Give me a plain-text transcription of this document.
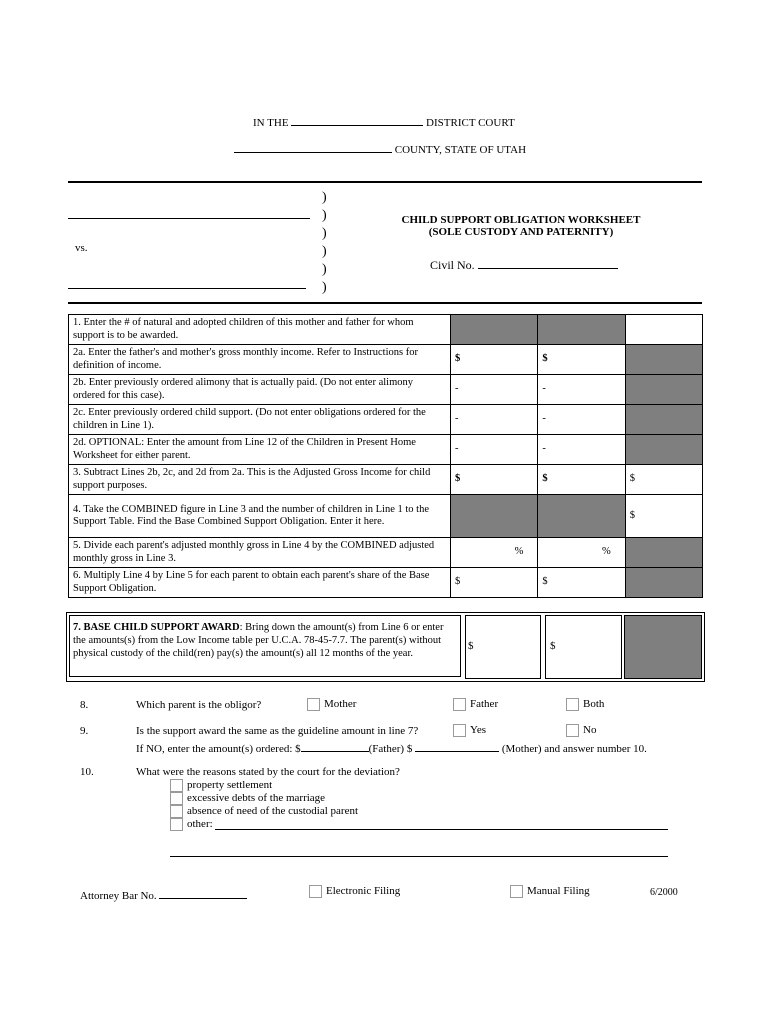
IN THE	DISTRICT COURT
COUNTY, STATE OF UTAH
)
)
)
)
)
)
vs.
CHILD SUPPORT OBLIGATION WORKSHEET
(SOLE CUSTODY AND PATERNITY)
Civil No.
1. Enter the # of natural and adopted children of this mother and father for whom support is to be awarded.			
2a. Enter the father's and mother's gross monthly income. Refer to Instructions for definition of income.	$	$	
2b. Enter previously ordered alimony that is actually paid. (Do not enter alimony ordered for this case).	-	-	
2c. Enter previously ordered child support. (Do not enter obligations ordered for the children in Line 1).	-	-	
2d. OPTIONAL: Enter the amount from Line 12 of the Children in Present Home Worksheet for either parent.	-	-	
3. Subtract Lines 2b, 2c, and 2d from 2a. This is the Adjusted Gross Income for child support purposes.	$	$	$
4. Take the COMBINED figure in Line 3 and the number of children in Line 1 to the Support Table. Find the Base Combined Support Obligation. Enter it here.			$
5. Divide each parent's adjusted monthly gross in Line 4 by the COMBINED adjusted monthly gross in Line 3.	%	%	
6. Multiply Line 4 by Line 5 for each parent to obtain each parent's share of the Base Support Obligation.	$	$	
7. BASE CHILD SUPPORT AWARD: Bring down the amount(s) from Line 6 or enter the amounts(s) from the Low Income table per U.C.A. 78-45-7.7. The parent(s) without physical custody of the child(ren) pay(s) the amount(s) all 12 months of the year.
$	$
8.	Which parent is the obligor?	Mother	Father	Both
9.	Is the support award the same as the guideline amount in line 7?	Yes	No
If NO, enter the amount(s) ordered: $	(Father) $	(Mother) and answer number 10.
10.	What were the reasons stated by the court for the deviation?
property settlement
excessive debts of the marriage
absence of need of the custodial parent
other:
Attorney Bar No.	Electronic Filing	Manual Filing	6/2000
